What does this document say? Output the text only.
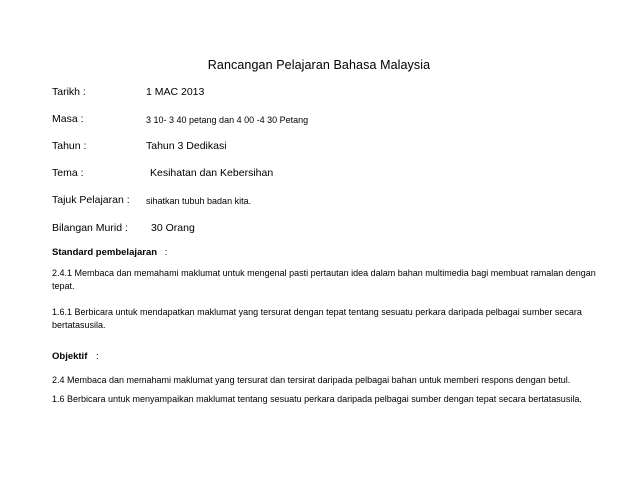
Rancangan Pelajaran Bahasa Malaysia
Tarikh :	1 MAC 2013
Masa :	3 10- 3 40 petang dan 4 00 -4 30 Petang
Tahun :	Tahun 3 Dedikasi
Tema :	Kesihatan dan Kebersihan
Tajuk Pelajaran : sihatkan tubuh badan kita.
Bilangan Murid : 30 Orang
Standard pembelajaran :
2.4.1 Membaca dan memahami maklumat untuk mengenal pasti pertautan idea dalam bahan multimedia bagi membuat ramalan dengan tepat.
1.6.1 Berbicara untuk mendapatkan maklumat yang tersurat dengan tepat tentang sesuatu perkara daripada pelbagai sumber secara bertatasusila.
Objektif :
2.4 Membaca dan memahami maklumat yang tersurat dan tersirat daripada pelbagai bahan untuk memberi respons dengan betul.
1.6 Berbicara untuk menyampaikan maklumat tentang sesuatu perkara daripada pelbagai sumber dengan tepat secara bertatasusila.
